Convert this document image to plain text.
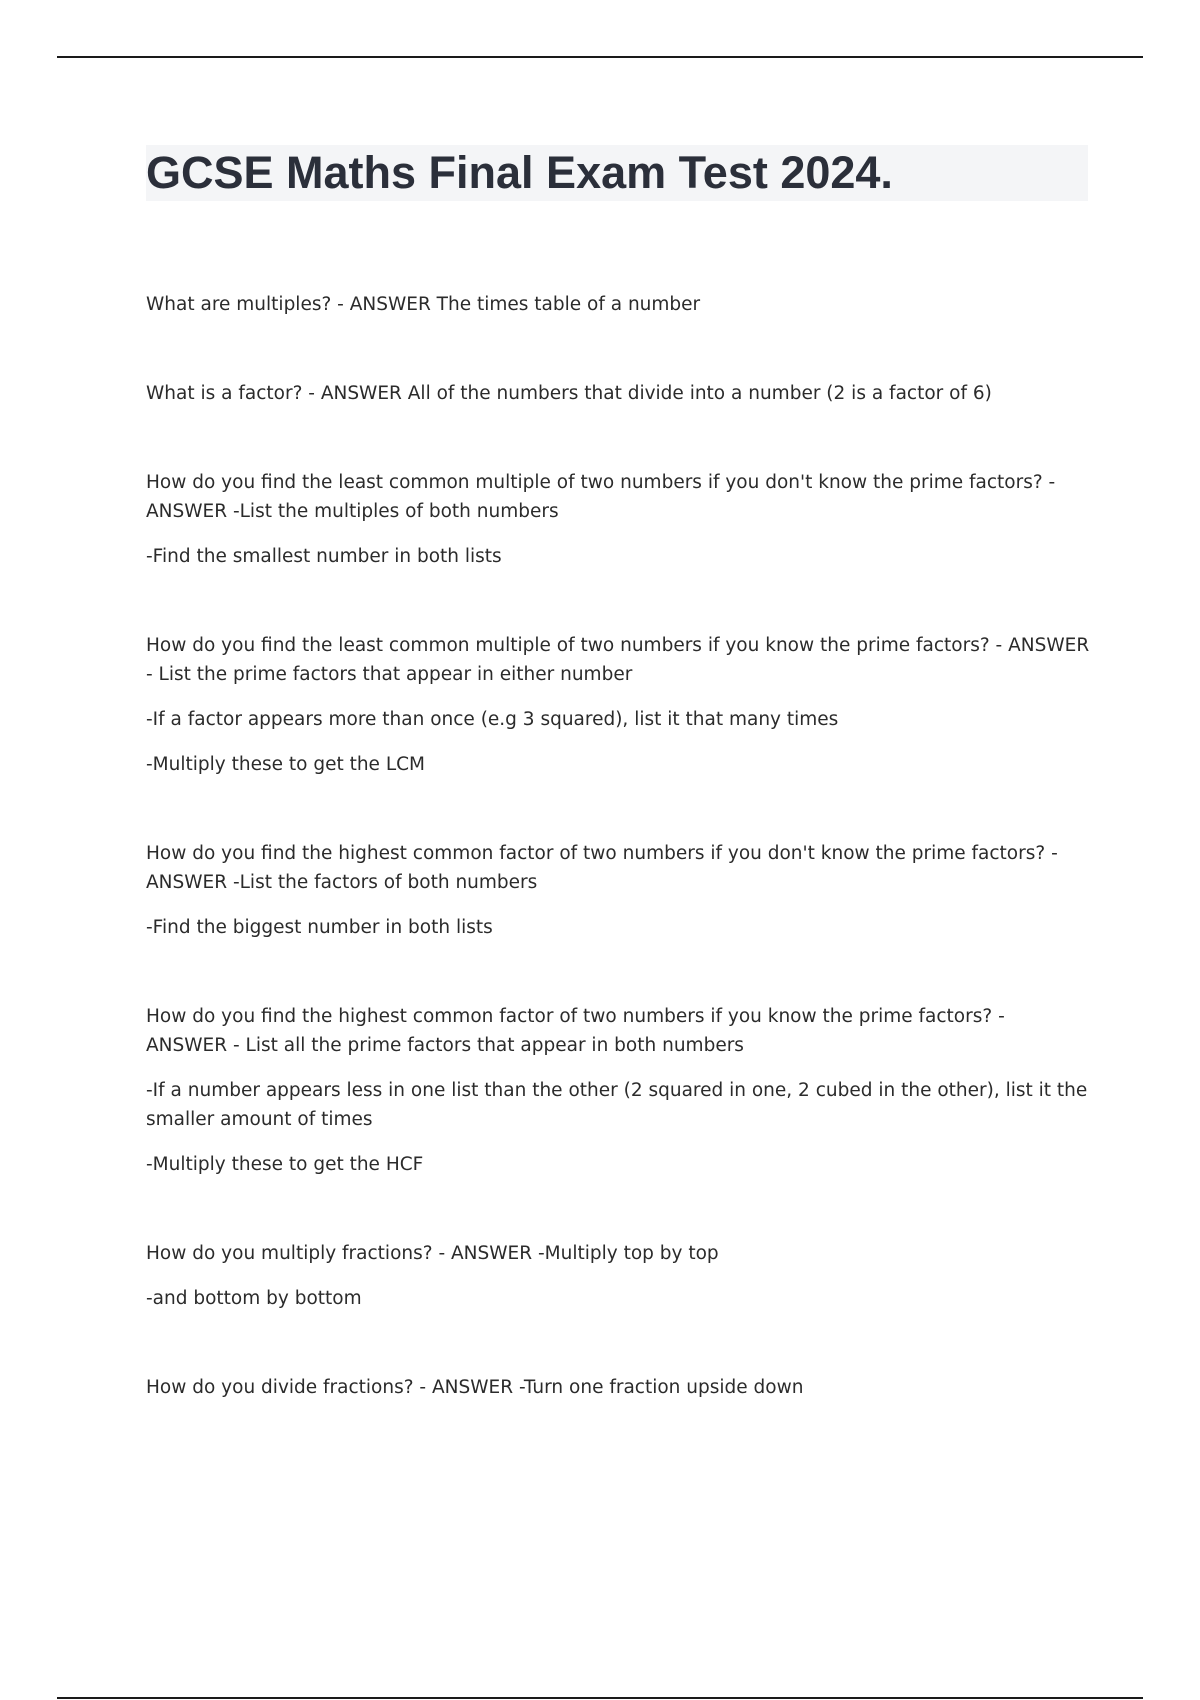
GCSE Maths Final Exam Test 2024.

What are multiples? - ANSWER The times table of a number

What is a factor? - ANSWER All of the numbers that divide into a number (2 is a factor of 6)

How do you find the least common multiple of two numbers if you don't know the prime factors? - ANSWER -List the multiples of both numbers

-Find the smallest number in both lists

How do you find the least common multiple of two numbers if you know the prime factors? - ANSWER - List the prime factors that appear in either number

-If a factor appears more than once (e.g 3 squared), list it that many times

-Multiply these to get the LCM

How do you find the highest common factor of two numbers if you don't know the prime factors? - ANSWER -List the factors of both numbers

-Find the biggest number in both lists

How do you find the highest common factor of two numbers if you know the prime factors? - ANSWER - List all the prime factors that appear in both numbers

-If a number appears less in one list than the other (2 squared in one, 2 cubed in the other), list it the smaller amount of times

-Multiply these to get the HCF

How do you multiply fractions? - ANSWER -Multiply top by top

-and bottom by bottom

How do you divide fractions? - ANSWER -Turn one fraction upside down
